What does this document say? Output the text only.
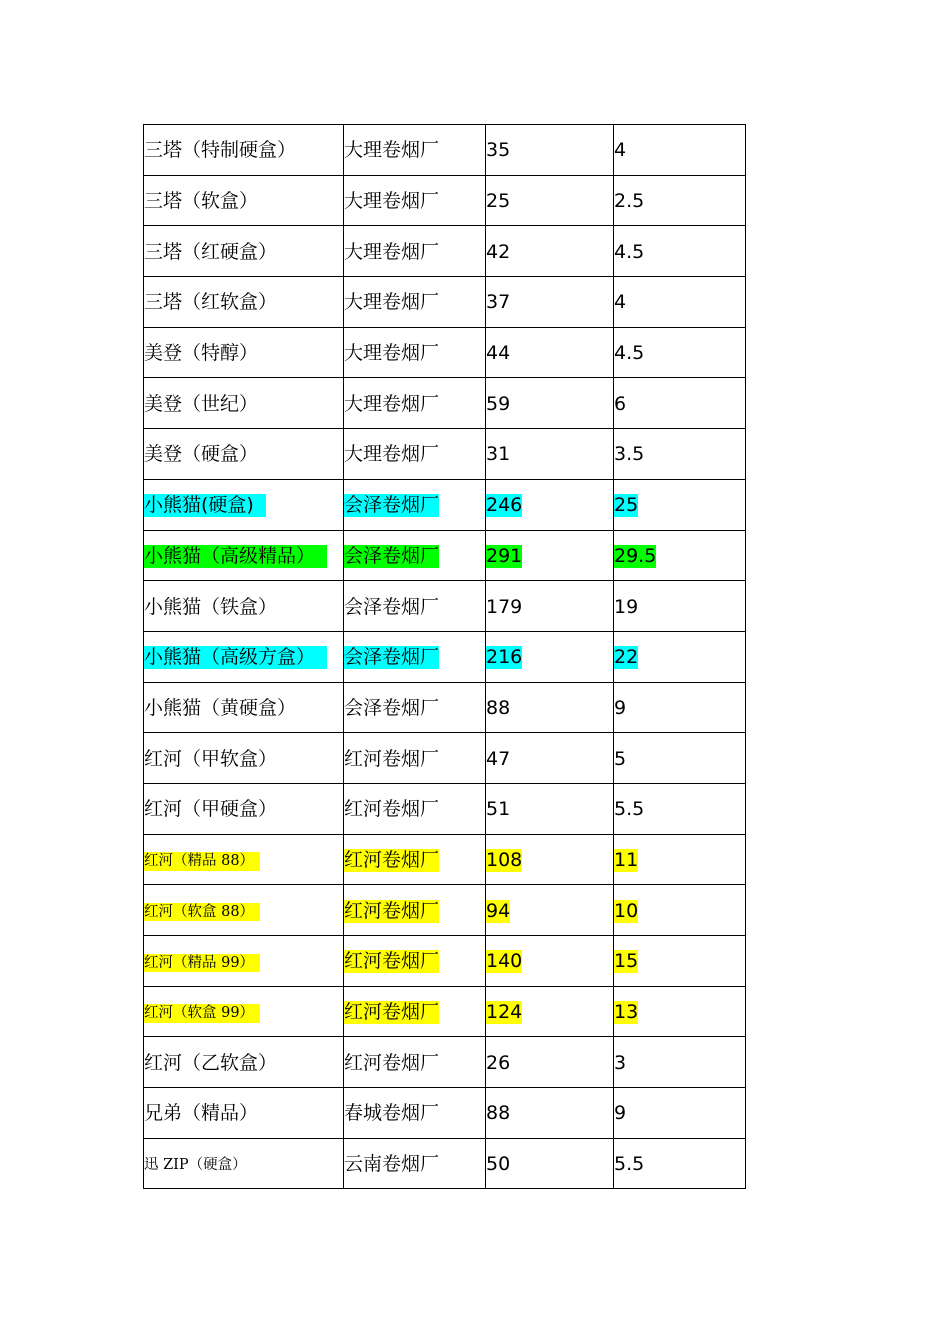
三塔（特制硬盒）	大理卷烟厂	35	4
三塔（软盒）	大理卷烟厂	25	2.5
三塔（红硬盒）	大理卷烟厂	42	4.5
三塔（红软盒）	大理卷烟厂	37	4
美登（特醇）	大理卷烟厂	44	4.5
美登（世纪）	大理卷烟厂	59	6
美登（硬盒）	大理卷烟厂	31	3.5
小熊猫(硬盒)	会泽卷烟厂	246	25
小熊猫（高级精品）	会泽卷烟厂	291	29.5
小熊猫（铁盒）	会泽卷烟厂	179	19
小熊猫（高级方盒）	会泽卷烟厂	216	22
小熊猫（黄硬盒）	会泽卷烟厂	88	9
红河（甲软盒）	红河卷烟厂	47	5
红河（甲硬盒）	红河卷烟厂	51	5.5
红河（精品 88）	红河卷烟厂	108	11
红河（软盒 88）	红河卷烟厂	94	10
红河（精品 99）	红河卷烟厂	140	15
红河（软盒 99）	红河卷烟厂	124	13
红河（乙软盒）	红河卷烟厂	26	3
兄弟（精品）	春城卷烟厂	88	9
迅 ZIP（硬盒）	云南卷烟厂	50	5.5
